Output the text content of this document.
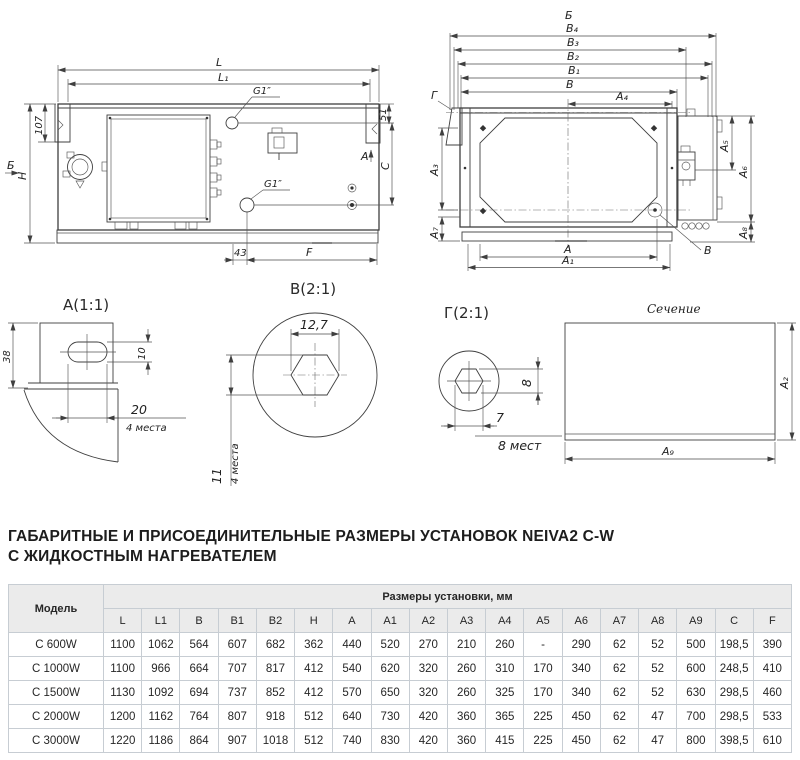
L
L₁
107
H
Б
G1″
G1″
A
51
C
43	F
Б
B₄
B₃
B₂
B₁
B
A₄
Г
A₅
A₆
A₈
A₃
A₇
A
A₁
B
А(1:1)
38	10
20
4 места
В(2:1)
12,7
11 4 места
Г(2:1)
8
7
8 мест
Сечение
A₂
A₉
ГАБАРИТНЫЕ И ПРИСОЕДИНИТЕЛЬНЫЕ РАЗМЕРЫ УСТАНОВОК NEIVA2 C-W
С ЖИДКОСТНЫМ НАГРЕВАТЕЛЕМ
Модель	Размеры установки, мм																	
	L	L1	B	B1	B2	H	A	A1	A2	A3	A4	A5	A6	A7	A8	A9	C	F
С 600W	1100	1062	564	607	682	362	440	520	270	210	260	-	290	62	52	500	198,5	390
С 1000W	1100	966	664	707	817	412	540	620	320	260	310	170	340	62	52	600	248,5	410
С 1500W	1130	1092	694	737	852	412	570	650	320	260	325	170	340	62	52	630	298,5	460
С 2000W	1200	1162	764	807	918	512	640	730	420	360	365	225	450	62	47	700	298,5	533
С 3000W	1220	1186	864	907	1018	512	740	830	420	360	415	225	450	62	47	800	398,5	610
